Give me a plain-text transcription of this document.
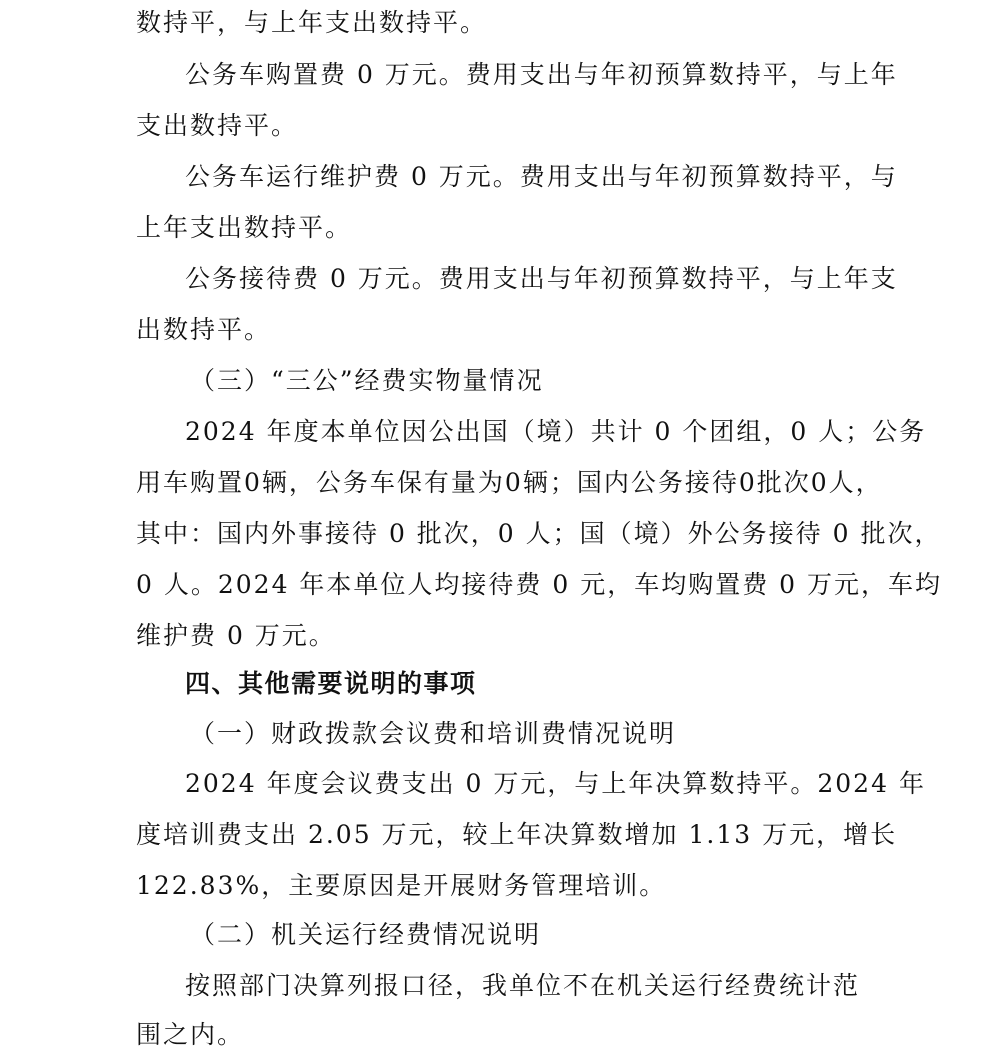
数持平，与上年支出数持平。
公务车购置费 0 万元。费用支出与年初预算数持平，与上年
支出数持平。
公务车运行维护费 0 万元。费用支出与年初预算数持平，与
上年支出数持平。
公务接待费 0 万元。费用支出与年初预算数持平，与上年支
出数持平。
（三）“三公”经费实物量情况
2024 年度本单位因公出国（境）共计 0 个团组，0 人；公务
用车购置0辆，公务车保有量为0辆；国内公务接待0批次0人，
其中：国内外事接待 0 批次，0 人；国（境）外公务接待 0 批次，
0 人。2024 年本单位人均接待费 0 元，车均购置费 0 万元，车均
维护费 0 万元。
四、其他需要说明的事项
（一）财政拨款会议费和培训费情况说明
2024 年度会议费支出 0 万元，与上年决算数持平。2024 年
度培训费支出 2.05 万元，较上年决算数增加 1.13 万元，增长
122.83%，主要原因是开展财务管理培训。
（二）机关运行经费情况说明
按照部门决算列报口径，我单位不在机关运行经费统计范
围之内。
